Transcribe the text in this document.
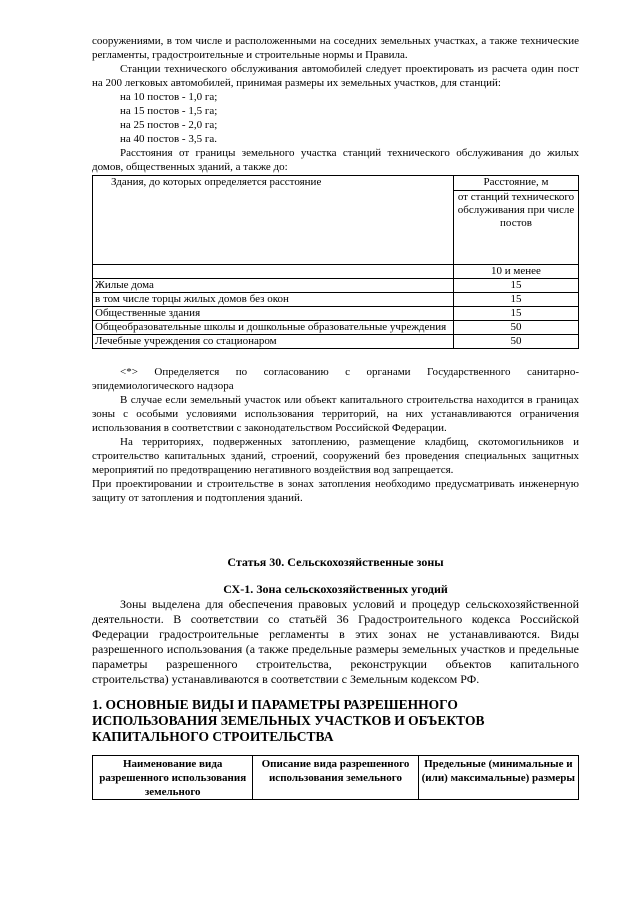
сооружениями, в том числе и расположенными на соседних земельных участках, а также технические регламенты, градостроительные и строительные нормы и Правила.

Станции технического обслуживания автомобилей следует проектировать из расчета один пост на 200 легковых автомобилей, принимая размеры их земельных участков, для станций:

на 10 постов - 1,0 га;
на 15 постов - 1,5 га;
на 25 постов - 2,0 га;
на 40 постов - 3,5 га.

Расстояния от границы земельного участка станций технического обслуживания до жилых домов, общественных зданий, а также до:

Здания, до которых определяется расстояние	Расстояние, м
	от станций технического обслуживания при числе постов
	10 и менее
Жилые дома	15
в том числе торцы жилых домов без окон	15
Общественные здания	15
Общеобразовательные школы и дошкольные образовательные учреждения	50
Лечебные учреждения со стационаром	50

<*> Определяется по согласованию с органами Государственного санитарно-эпидемиологического надзора

В случае если земельный участок или объект капитального строительства находится в границах зоны с особыми условиями использования территорий, на них устанавливаются ограничения использования в соответствии с законодательством Российской Федерации.

На территориях, подверженных затоплению, размещение кладбищ, скотомогильников и строительство капитальных зданий, строений, сооружений без проведения специальных защитных мероприятий по предотвращению негативного воздействия вод запрещается.

При проектировании и строительстве в зонах затопления необходимо предусматривать инженерную защиту от затопления и подтопления зданий.

Статья 30. Сельскохозяйственные зоны

СХ-1. Зона сельскохозяйственных угодий

Зоны выделена для обеспечения правовых условий и процедур сельскохозяйственной деятельности. В соответствии со статьёй 36 Градостроительного кодекса Российской Федерации градостроительные регламенты в этих зонах не устанавливаются. Виды разрешенного использования (а также предельные размеры земельных участков и предельные параметры разрешенного строительства, реконструкции объектов капитального строительства) устанавливаются в соответствии с Земельным кодексом РФ.

1. ОСНОВНЫЕ ВИДЫ И ПАРАМЕТРЫ РАЗРЕШЕННОГО ИСПОЛЬЗОВАНИЯ ЗЕМЕЛЬНЫХ УЧАСТКОВ И ОБЪЕКТОВ КАПИТАЛЬНОГО СТРОИТЕЛЬСТВА

Наименование вида разрешенного использования земельного	Описание вида разрешенного использования земельного	Предельные (минимальные и (или) максимальные) размеры
